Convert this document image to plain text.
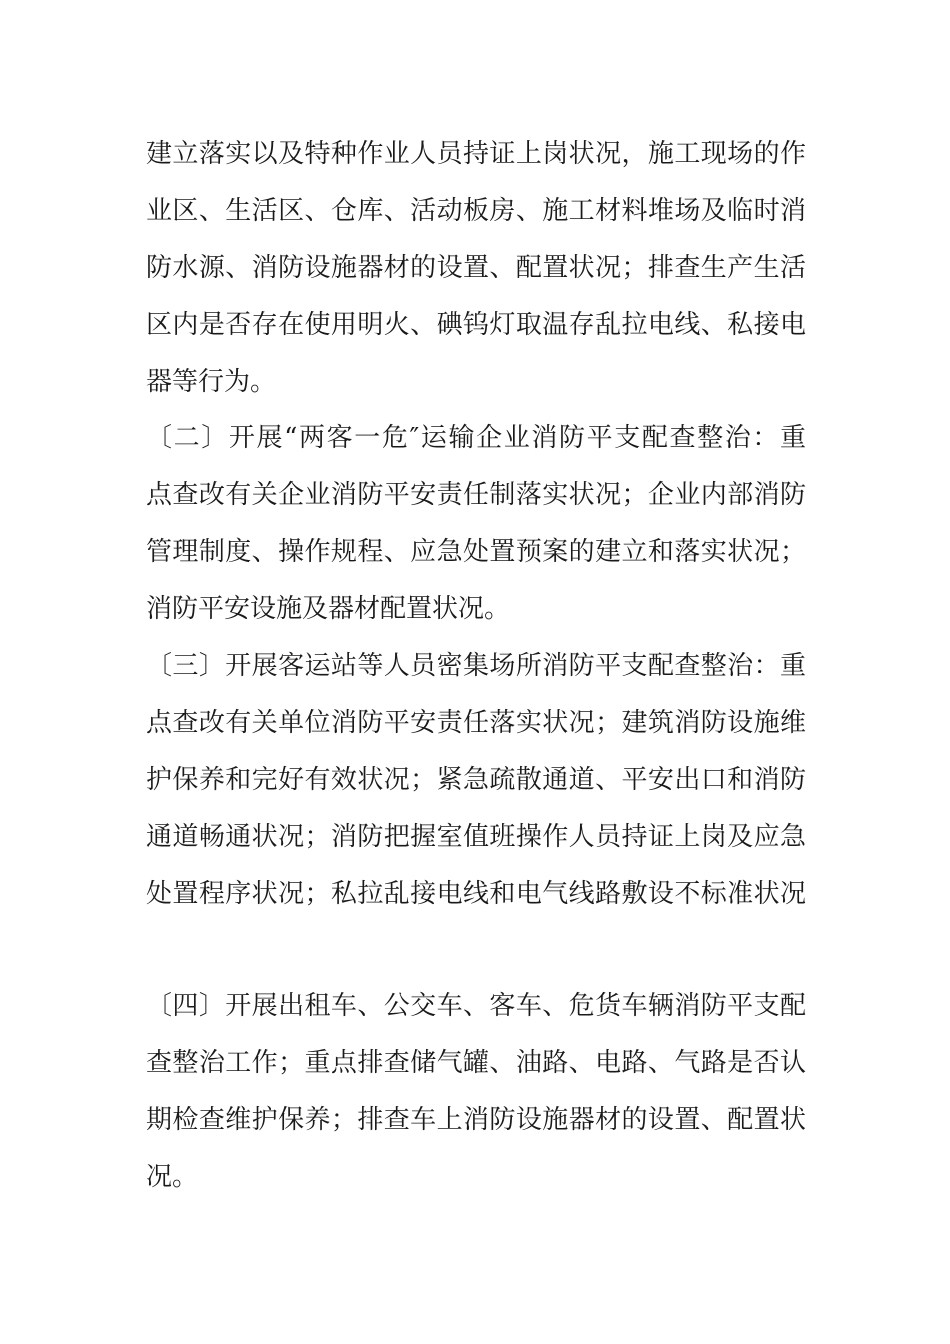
建立落实以及特种作业人员持证上岗状况，施工现场的作
业区、生活区、仓库、活动板房、施工材料堆场及临时消
防水源、消防设施器材的设置、配置状况；排查生产生活
区内是否存在使用明火、碘钨灯取温存乱拉电线、私接电
器等行为。
〔二〕开展“两客一危″运输企业消防平支配查整治：重
点查改有关企业消防平安责任制落实状况；企业内部消防
管理制度、操作规程、应急处置预案的建立和落实状况；
消防平安设施及器材配置状况。
〔三〕开展客运站等人员密集场所消防平支配查整治：重
点查改有关单位消防平安责任落实状况；建筑消防设施维
护保养和完好有效状况；紧急疏散通道、平安出口和消防
通道畅通状况；消防把握室值班操作人员持证上岗及应急
处置程序状况；私拉乱接电线和电气线路敷设不标准状况
〔四〕开展出租车、公交车、客车、危货车辆消防平支配
查整治工作；重点排查储气罐、油路、电路、气路是否认
期检查维护保养；排查车上消防设施器材的设置、配置状
况。
